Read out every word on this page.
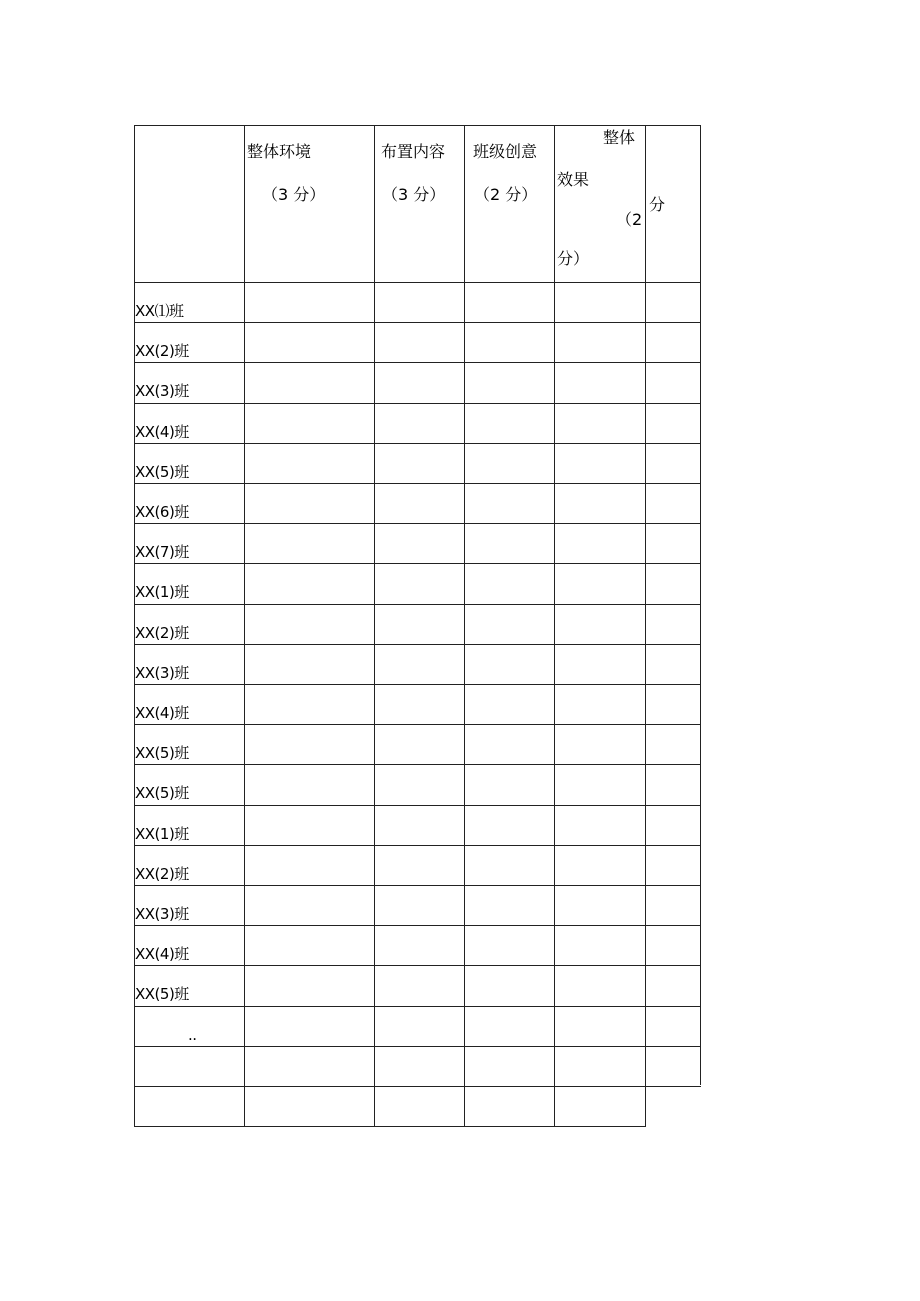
整体环境
（3 分）
布置内容
（3 分）
班级创意
（2 分）
整体
效果
（2
分）
分
XX⑴班
XX(2)班
XX(3)班
XX(4)班
XX(5)班
XX(6)班
XX(7)班
XX(1)班
XX(2)班
XX(3)班
XX(4)班
XX(5)班
XX(5)班
XX(1)班
XX(2)班
XX(3)班
XX(4)班
XX(5)班
..
